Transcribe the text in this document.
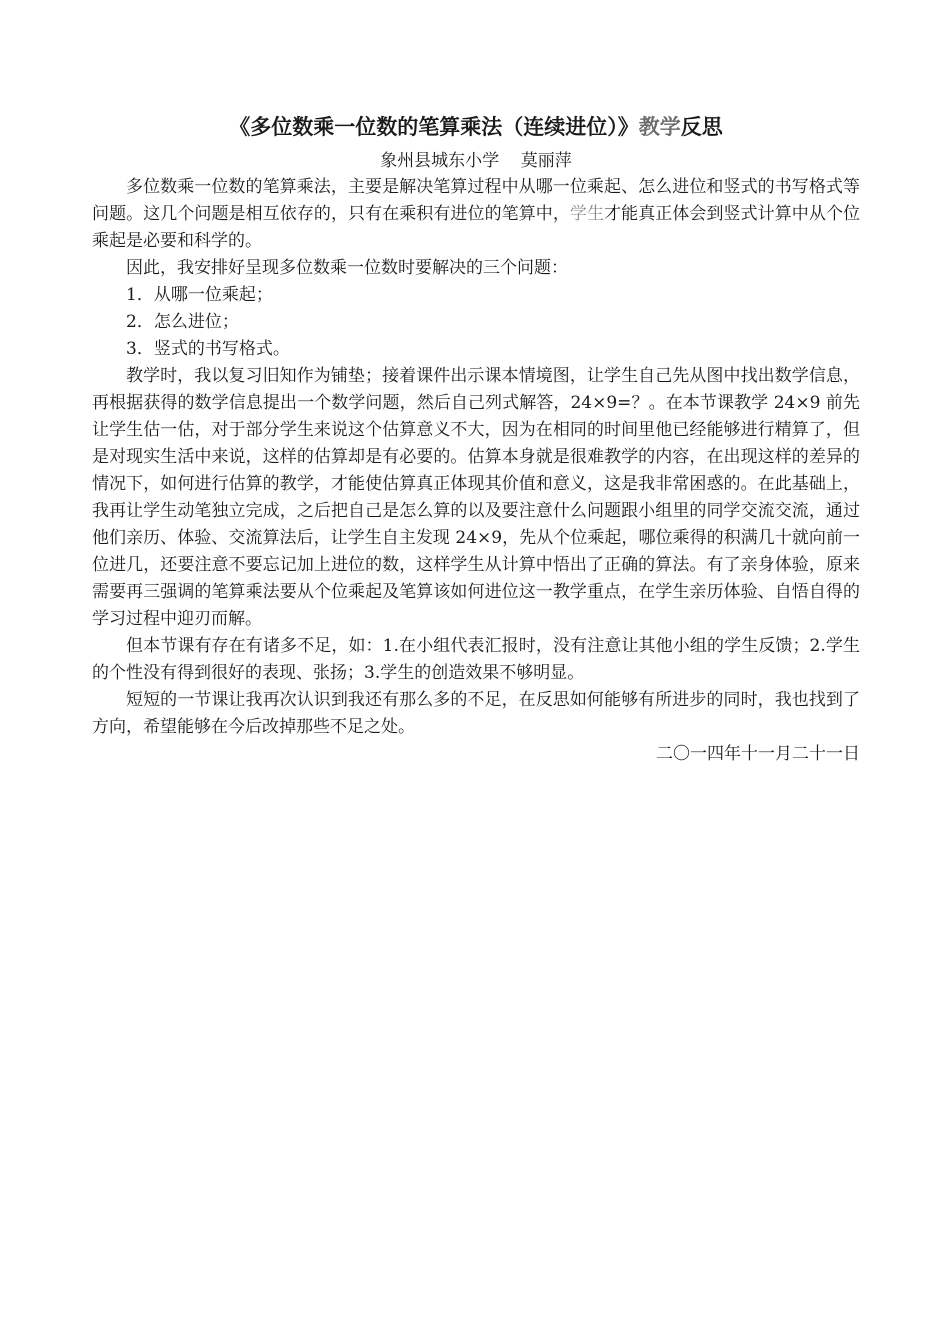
《多位数乘一位数的笔算乘法（连续进位）》教学反思

象州县城东小学    莫丽萍

多位数乘一位数的笔算乘法，主要是解决笔算过程中从哪一位乘起、怎么进位和竖式的书写格式等问题。这几个问题是相互依存的，只有在乘积有进位的笔算中，学生才能真正体会到竖式计算中从个位乘起是必要和科学的。

因此，我安排好呈现多位数乘一位数时要解决的三个问题：

1．从哪一位乘起；

2．怎么进位；

3．竖式的书写格式。

教学时，我以复习旧知作为铺垫；接着课件出示课本情境图，让学生自己先从图中找出数学信息，再根据获得的数学信息提出一个数学问题，然后自己列式解答，24×9=？。在本节课教学 24×9 前先让学生估一估，对于部分学生来说这个估算意义不大，因为在相同的时间里他已经能够进行精算了，但是对现实生活中来说，这样的估算却是有必要的。估算本身就是很难教学的内容，在出现这样的差异的情况下，如何进行估算的教学，才能使估算真正体现其价值和意义，这是我非常困惑的。在此基础上，我再让学生动笔独立完成，之后把自己是怎么算的以及要注意什么问题跟小组里的同学交流交流，通过他们亲历、体验、交流算法后，让学生自主发现 24×9，先从个位乘起，哪位乘得的积满几十就向前一位进几，还要注意不要忘记加上进位的数，这样学生从计算中悟出了正确的算法。有了亲身体验，原来需要再三强调的笔算乘法要从个位乘起及笔算该如何进位这一教学重点，在学生亲历体验、自悟自得的学习过程中迎刃而解。

但本节课有存在有诸多不足，如：1.在小组代表汇报时，没有注意让其他小组的学生反馈；2.学生的个性没有得到很好的表现、张扬；3.学生的创造效果不够明显。

短短的一节课让我再次认识到我还有那么多的不足，在反思如何能够有所进步的同时，我也找到了方向，希望能够在今后改掉那些不足之处。

二〇一四年十一月二十一日
